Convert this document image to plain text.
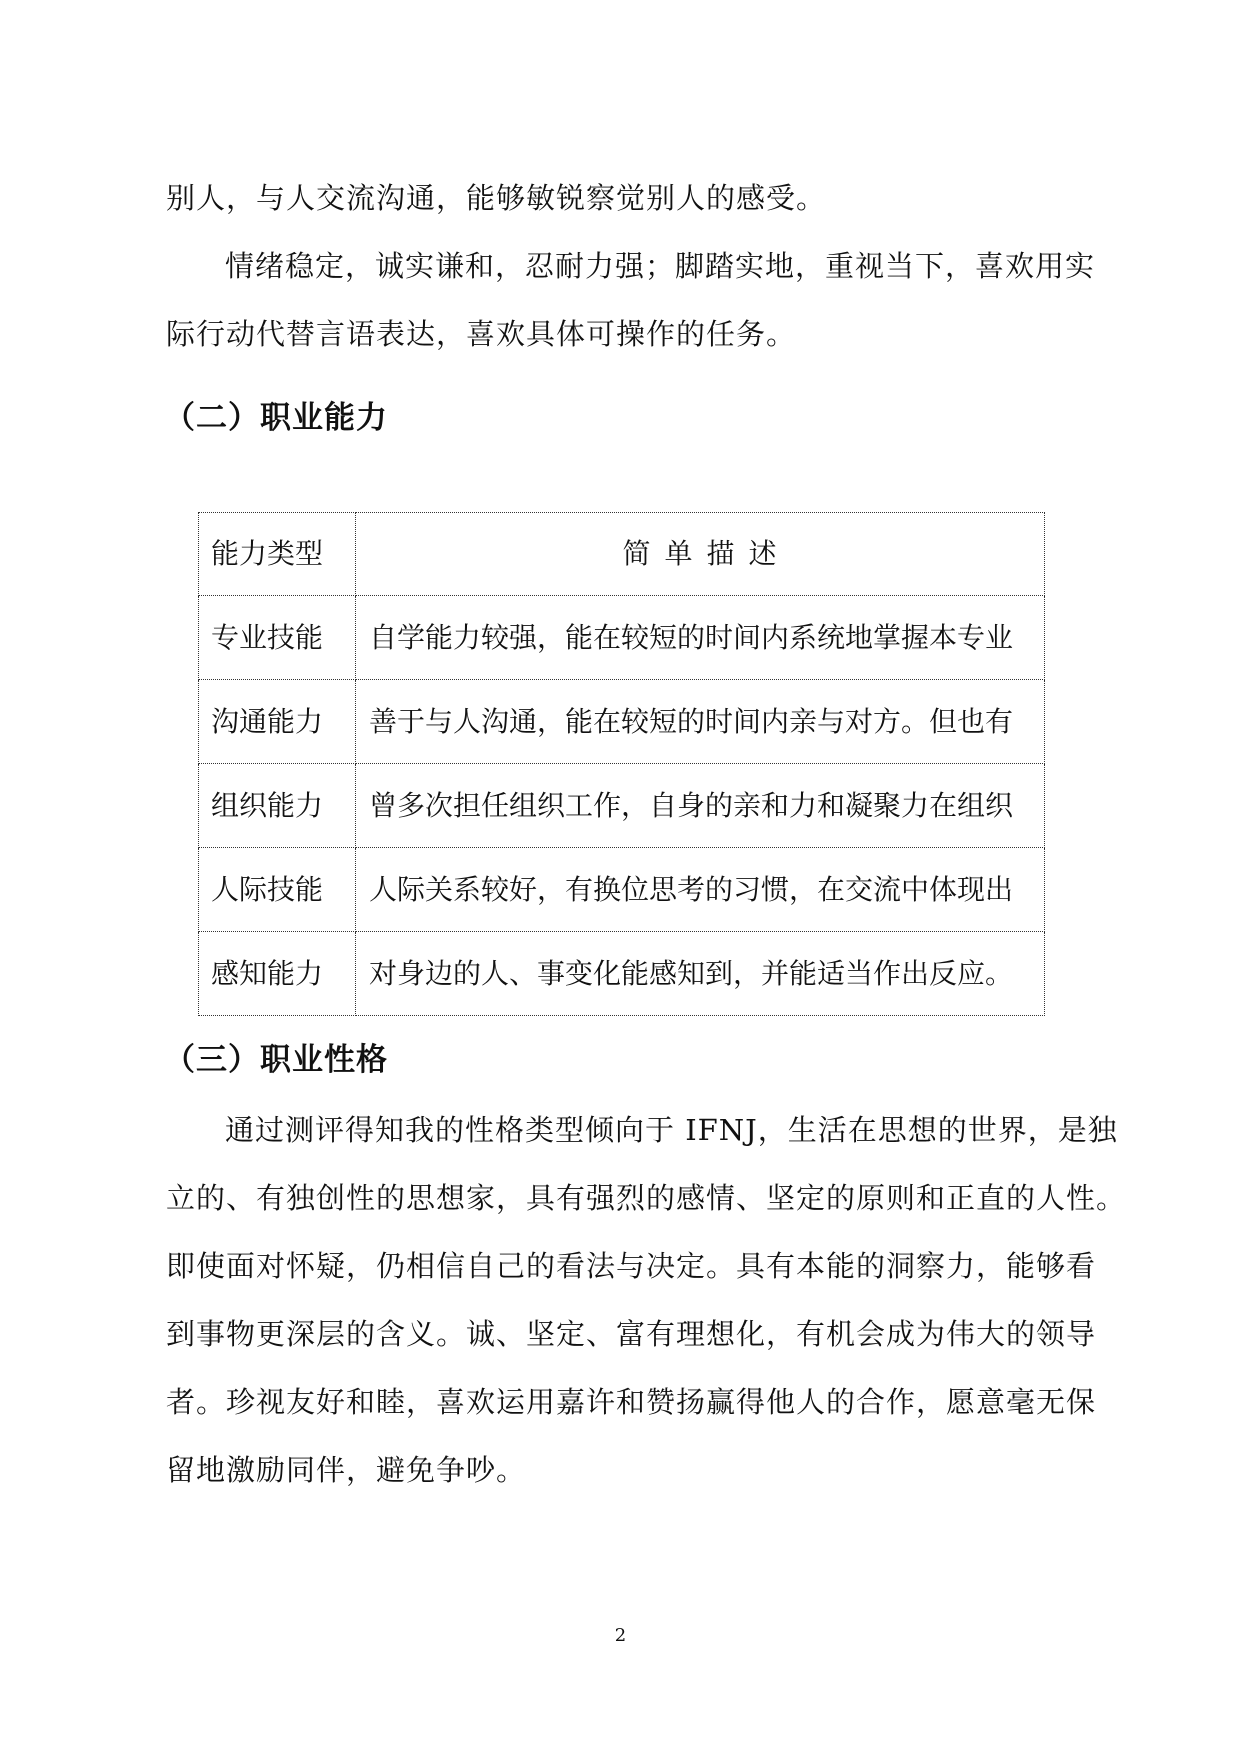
别人，与人交流沟通，能够敏锐察觉别人的感受。
情绪稳定，诚实谦和，忍耐力强；脚踏实地，重视当下，喜欢用实
际行动代替言语表达，喜欢具体可操作的任务。
（二）职业能力
能力类型	简单描述
专业技能	自学能力较强，能在较短的时间内系统地掌握本专业
沟通能力	善于与人沟通，能在较短的时间内亲与对方。但也有
组织能力	曾多次担任组织工作，自身的亲和力和凝聚力在组织
人际技能	人际关系较好，有换位思考的习惯，在交流中体现出
感知能力	对身边的人、事变化能感知到，并能适当作出反应。
（三）职业性格
通过测评得知我的性格类型倾向于 IFNJ，生活在思想的世界，是独
立的、有独创性的思想家，具有强烈的感情、坚定的原则和正直的人性。
即使面对怀疑，仍相信自己的看法与决定。具有本能的洞察力，能够看
到事物更深层的含义。诚、坚定、富有理想化，有机会成为伟大的领导
者。珍视友好和睦，喜欢运用嘉许和赞扬赢得他人的合作，愿意毫无保
留地激励同伴，避免争吵。
2
